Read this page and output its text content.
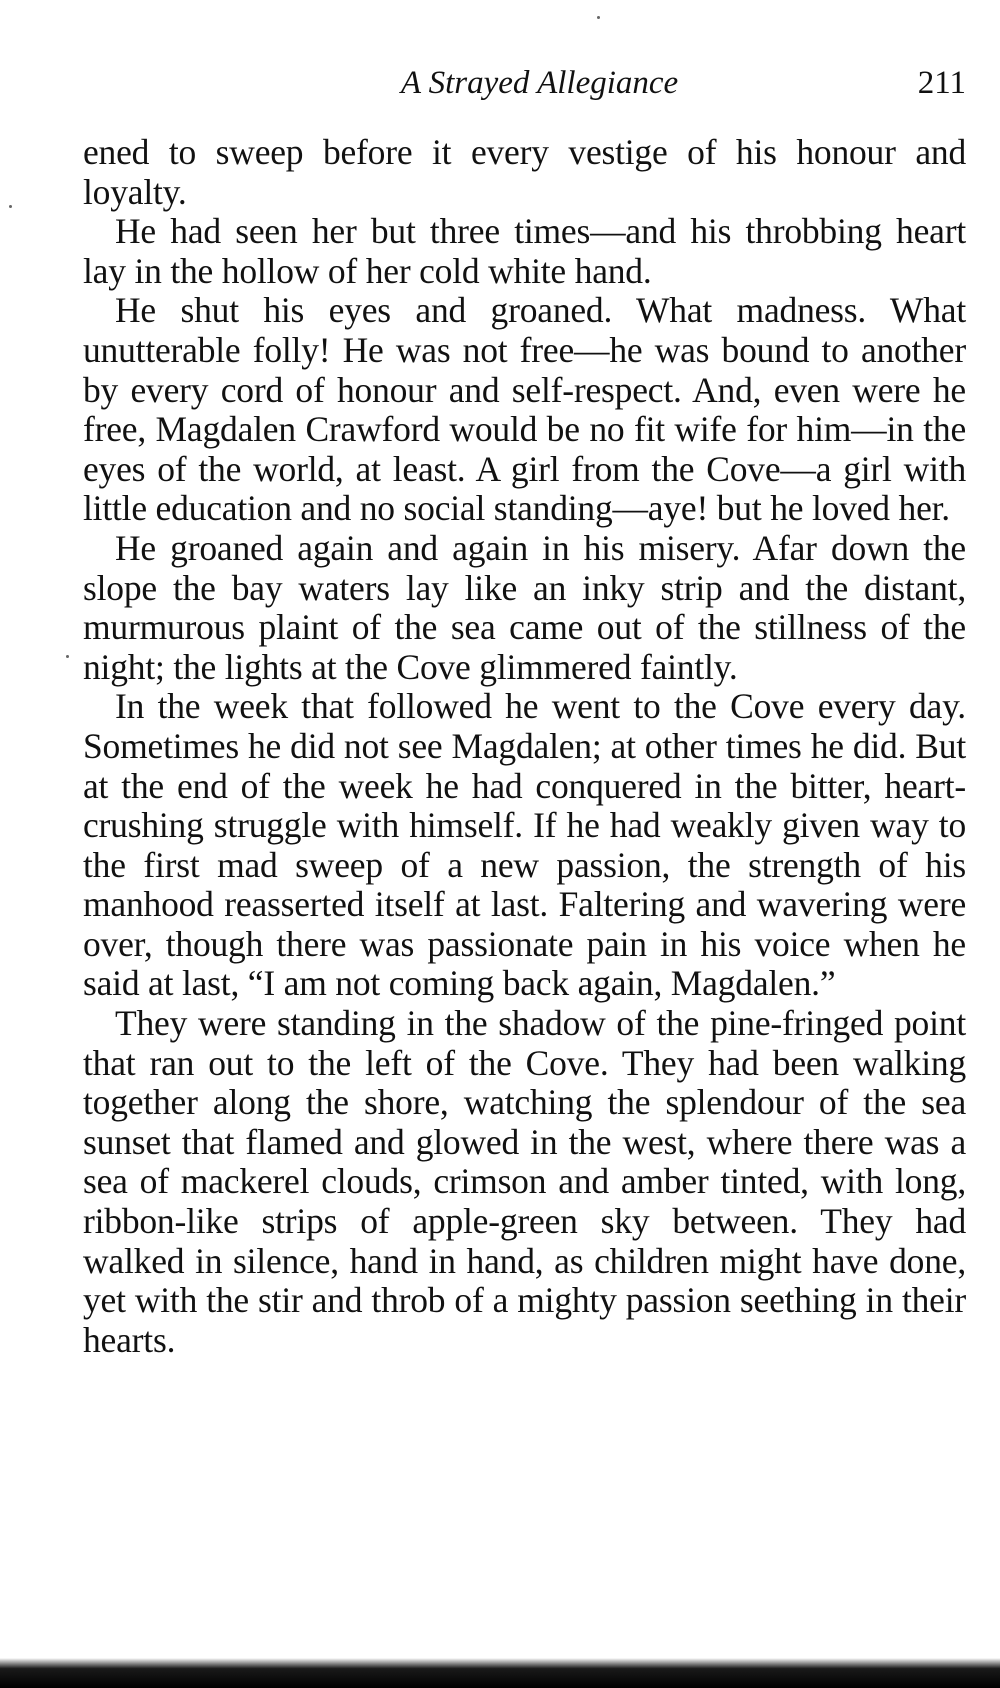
A Strayed Allegiance	211

ened to sweep before it every vestige of his honour and loyalty.

He had seen her but three times—and his throbbing heart lay in the hollow of her cold white hand.

He shut his eyes and groaned. What madness. What unutterable folly! He was not free—he was bound to another by every cord of honour and self-respect. And, even were he free, Magdalen Crawford would be no fit wife for him—in the eyes of the world, at least. A girl from the Cove—a girl with little education and no social standing—aye! but he loved her.

He groaned again and again in his misery. Afar down the slope the bay waters lay like an inky strip and the distant, murmurous plaint of the sea came out of the stillness of the night; the lights at the Cove glimmered faintly.

In the week that followed he went to the Cove every day. Sometimes he did not see Magdalen; at other times he did. But at the end of the week he had conquered in the bitter, heart-crushing struggle with himself. If he had weakly given way to the first mad sweep of a new passion, the strength of his manhood reasserted itself at last. Faltering and wavering were over, though there was passionate pain in his voice when he said at last, “I am not coming back again, Magdalen.”

They were standing in the shadow of the pine-fringed point that ran out to the left of the Cove. They had been walking together along the shore, watching the splendour of the sea sunset that flamed and glowed in the west, where there was a sea of mackerel clouds, crimson and amber tinted, with long, ribbon-like strips of apple-green sky between. They had walked in silence, hand in hand, as children might have done, yet with the stir and throb of a mighty passion seething in their hearts.
